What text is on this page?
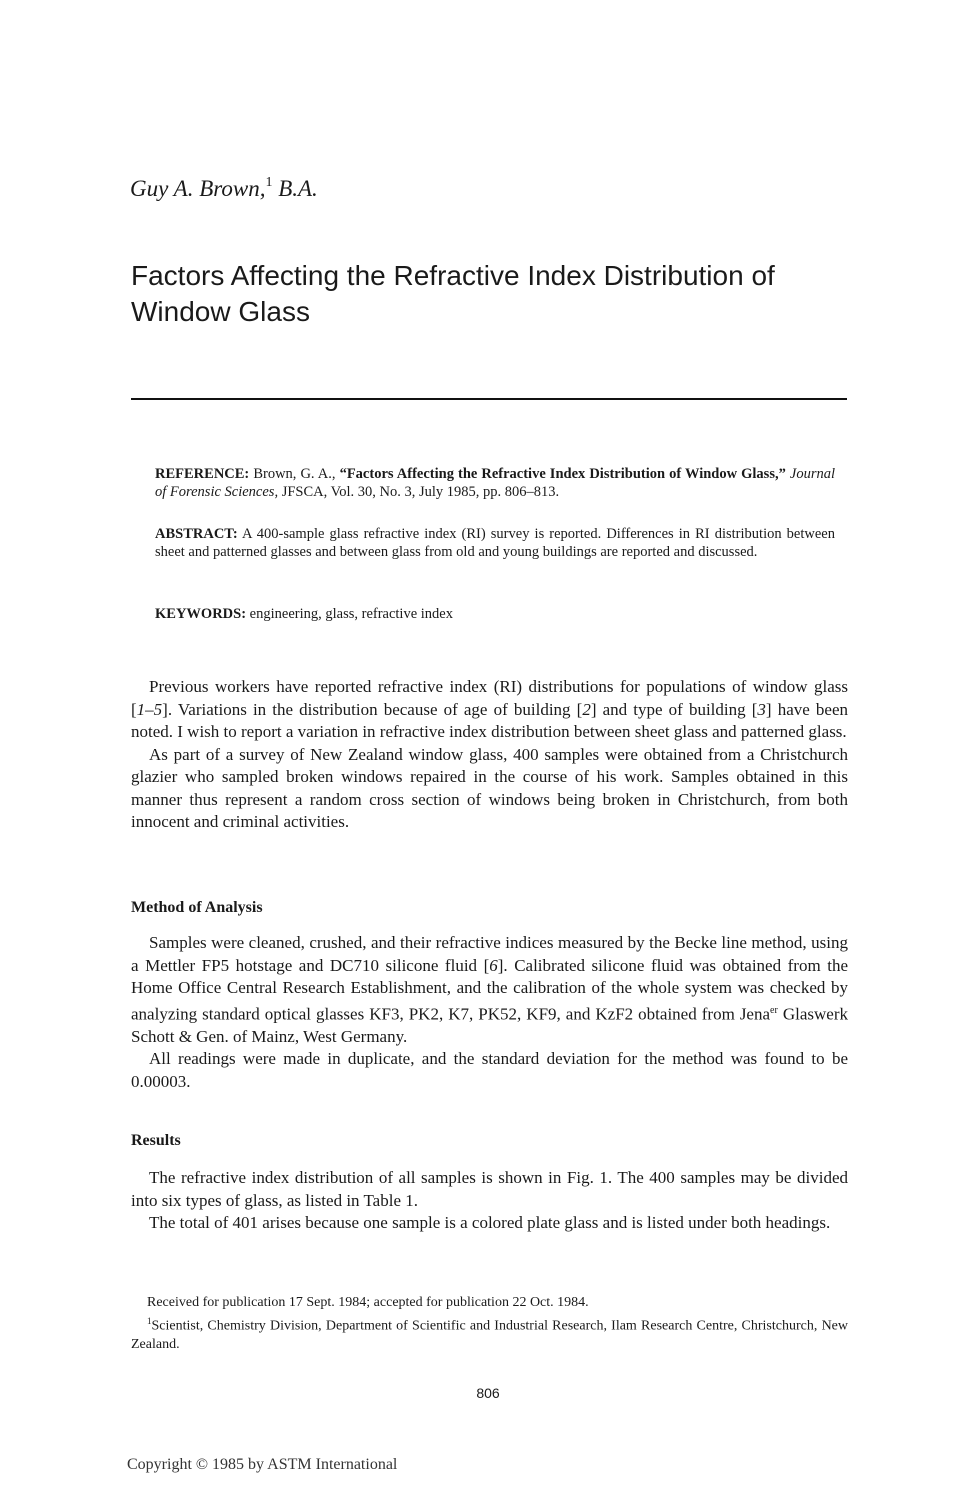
Guy A. Brown,$^1$ B.A.
Factors Affecting the Refractive Index Distribution of Window Glass
REFERENCE: Brown, G. A., “Factors Affecting the Refractive Index Distribution of Window Glass,” Journal of Forensic Sciences, JFSCA, Vol. 30, No. 3, July 1985, pp. 806–813.
ABSTRACT: A 400-sample glass refractive index (RI) survey is reported. Differences in RI distribution between sheet and patterned glasses and between glass from old and young buildings are reported and discussed.
KEYWORDS: engineering, glass, refractive index

Previous workers have reported refractive index (RI) distributions for populations of window glass [1–5]. Variations in the distribution because of age of building [2] and type of building [3] have been noted. I wish to report a variation in refractive index distribution between sheet glass and patterned glass.

As part of a survey of New Zealand window glass, 400 samples were obtained from a Christchurch glazier who sampled broken windows repaired in the course of his work. Samples obtained in this manner thus represent a random cross section of windows being broken in Christchurch, from both innocent and criminal activities.

Method of Analysis

Samples were cleaned, crushed, and their refractive indices measured by the Becke line method, using a Mettler FP5 hotstage and DC710 silicone fluid [6]. Calibrated silicone fluid was obtained from the Home Office Central Research Establishment, and the calibration of the whole system was checked by analyzing standard optical glasses KF3, PK2, K7, PK52, KF9, and KzF2 obtained from Jena$^{er}$ Glaswerk Schott & Gen. of Mainz, West Germany.

All readings were made in duplicate, and the standard deviation for the method was found to be 0.00003.

Results

The refractive index distribution of all samples is shown in Fig. 1. The 400 samples may be divided into six types of glass, as listed in Table 1.

The total of 401 arises because one sample is a colored plate glass and is listed under both headings.

Received for publication 17 Sept. 1984; accepted for publication 22 Oct. 1984.

$^1$Scientist, Chemistry Division, Department of Scientific and Industrial Research, Ilam Research Centre, Christchurch, New Zealand.

806
Copyright © 1985 by ASTM International
